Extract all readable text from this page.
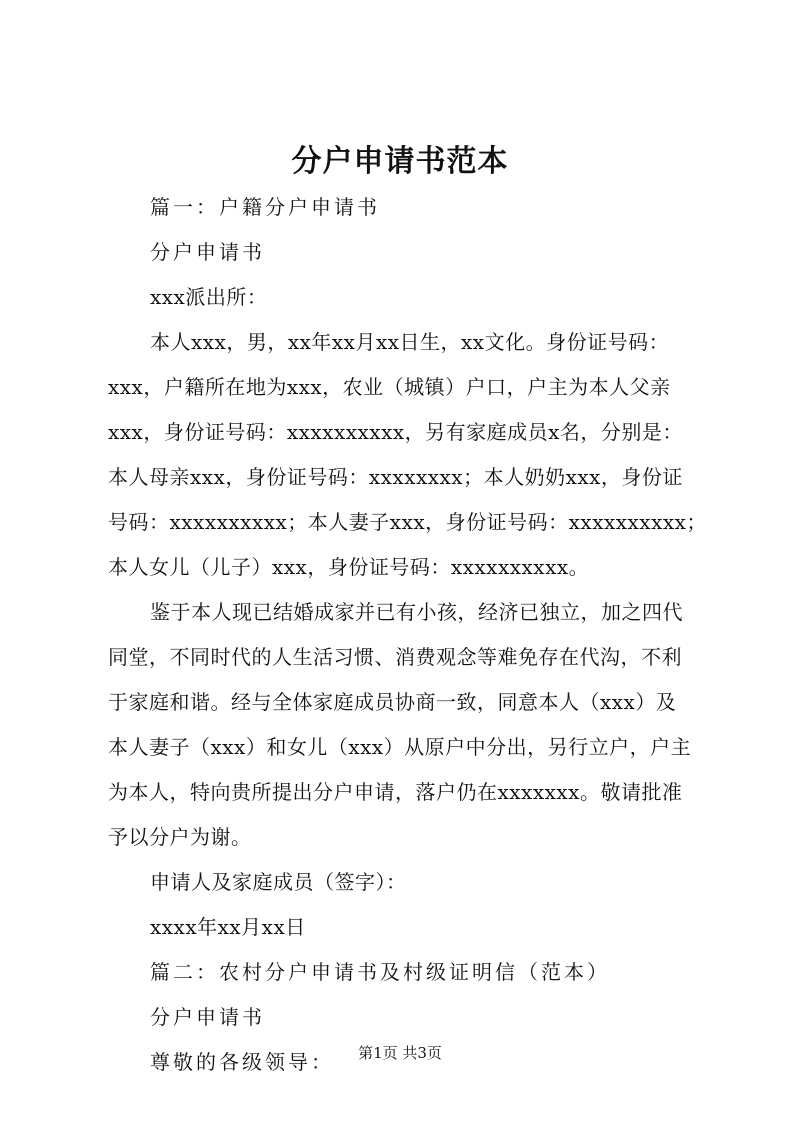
分户申请书范本
篇一：户籍分户申请书
分户申请书
xxx派出所：
本人xxx，男，xx年xx月xx日生，xx文化。身份证号码：
xxx，户籍所在地为xxx，农业（城镇）户口，户主为本人父亲
xxx，身份证号码：xxxxxxxxxx，另有家庭成员x名，分别是：
本人母亲xxx，身份证号码：xxxxxxxx；本人奶奶xxx，身份证
号码：xxxxxxxxxx；本人妻子xxx，身份证号码：xxxxxxxxxx；
本人女儿（儿子）xxx，身份证号码：xxxxxxxxxx。
鉴于本人现已结婚成家并已有小孩，经济已独立，加之四代
同堂，不同时代的人生活习惯、消费观念等难免存在代沟，不利
于家庭和谐。经与全体家庭成员协商一致，同意本人（xxx）及
本人妻子（xxx）和女儿（xxx）从原户中分出，另行立户，户主
为本人，特向贵所提出分户申请，落户仍在xxxxxxx。敬请批准
予以分户为谢。
申请人及家庭成员（签字）：
xxxx年xx月xx日
篇二：农村分户申请书及村级证明信（范本）
分户申请书
尊敬的各级领导：	第1页 共3页
